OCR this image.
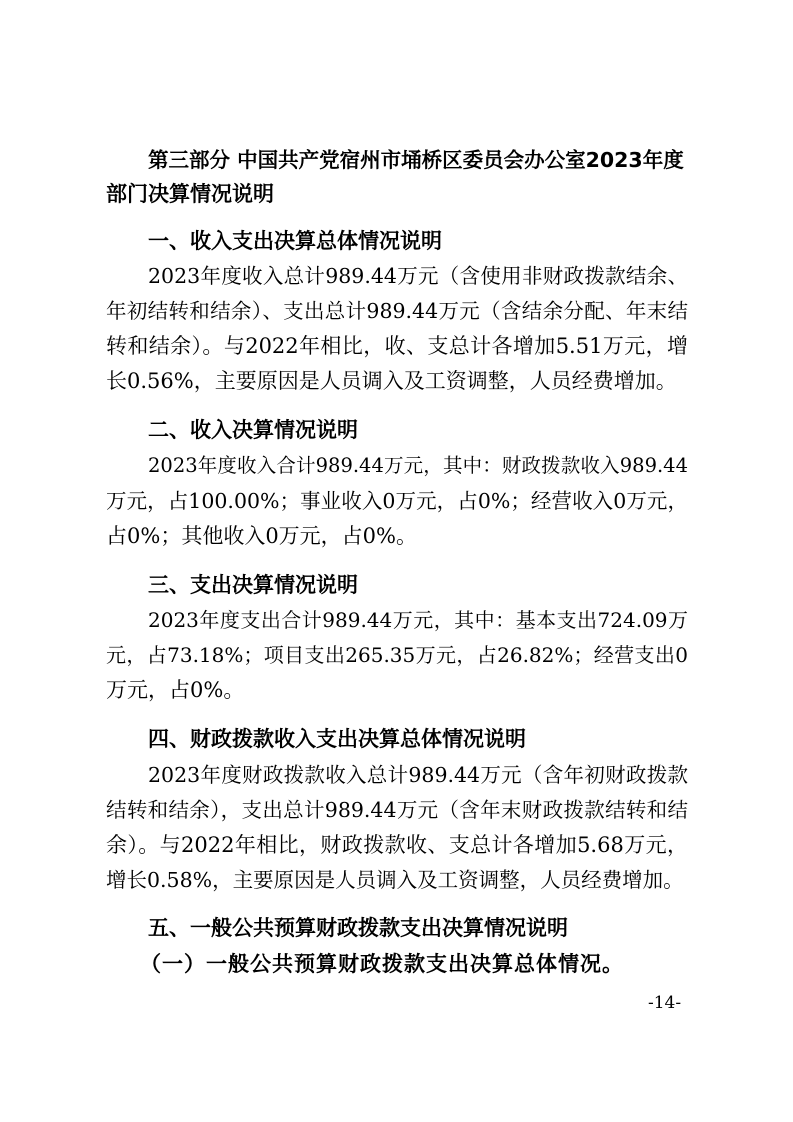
第三部分 中国共产党宿州市埇桥区委员会办公室2023年度
部门决算情况说明
一、收入支出决算总体情况说明
2023年度收入总计989.44万元（含使用非财政拨款结余、
年初结转和结余）、支出总计989.44万元（含结余分配、年末结
转和结余）。与2022年相比，收、支总计各增加5.51万元，增
长0.56%，主要原因是人员调入及工资调整，人员经费增加。
二、收入决算情况说明
2023年度收入合计989.44万元，其中：财政拨款收入989.44
万元，占100.00%；事业收入0万元，占0%；经营收入0万元，
占0%；其他收入0万元，占0%。
三、支出决算情况说明
2023年度支出合计989.44万元，其中：基本支出724.09万
元，占73.18%；项目支出265.35万元，占26.82%；经营支出0
万元，占0%。
四、财政拨款收入支出决算总体情况说明
2023年度财政拨款收入总计989.44万元（含年初财政拨款
结转和结余），支出总计989.44万元（含年末财政拨款结转和结
余）。与2022年相比，财政拨款收、支总计各增加5.68万元，
增长0.58%，主要原因是人员调入及工资调整，人员经费增加。
五、一般公共预算财政拨款支出决算情况说明
（一）一般公共预算财政拨款支出决算总体情况。
-14-
